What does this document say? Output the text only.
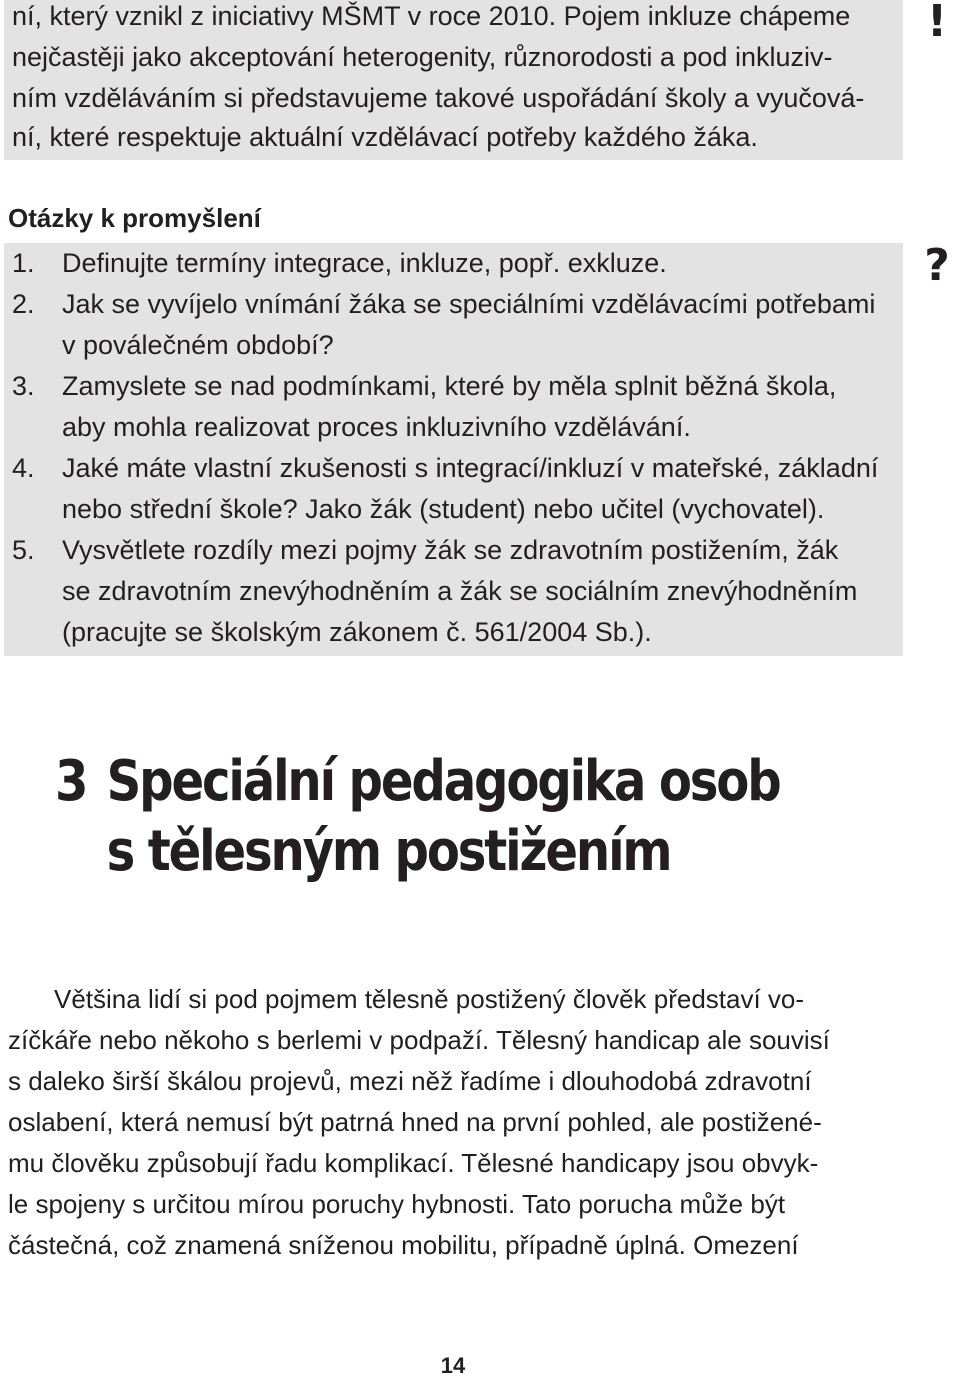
ní, který vznikl z iniciativy MŠMT v roce 2010. Pojem inkluze chápeme
nejčastěji jako akceptování heterogenity, různorodosti a pod inkluziv-
ním vzděláváním si představujeme takové uspořádání školy a vyučová-
ní, které respektuje aktuální vzdělávací potřeby každého žáka.
!
Otázky k promyšlení
1. Definujte termíny integrace, inkluze, popř. exkluze.
2. Jak se vyvíjelo vnímání žáka se speciálními vzdělávacími potřebami
v poválečném období?
3. Zamyslete se nad podmínkami, které by měla splnit běžná škola,
aby mohla realizovat proces inkluzivního vzdělávání.
4. Jaké máte vlastní zkušenosti s integrací/inkluzí v mateřské, základní
nebo střední škole? Jako žák (student) nebo učitel (vychovatel).
5. Vysvětlete rozdíly mezi pojmy žák se zdravotním postižením, žák
se zdravotním znevýhodněním a žák se sociálním znevýhodněním
(pracujte se školským zákonem č. 561/2004 Sb.).
?
3 Speciální pedagogika osob
s tělesným postižením
Většina lidí si pod pojmem tělesně postižený člověk představí vo-
zíčkáře nebo někoho s berlemi v podpaží. Tělesný handicap ale souvisí
s daleko širší škálou projevů, mezi něž řadíme i dlouhodobá zdravotní
oslabení, která nemusí být patrná hned na první pohled, ale postižené-
mu člověku způsobují řadu komplikací. Tělesné handicapy jsou obvyk-
le spojeny s určitou mírou poruchy hybnosti. Tato porucha může být
částečná, což znamená sníženou mobilitu, případně úplná. Omezení
14
